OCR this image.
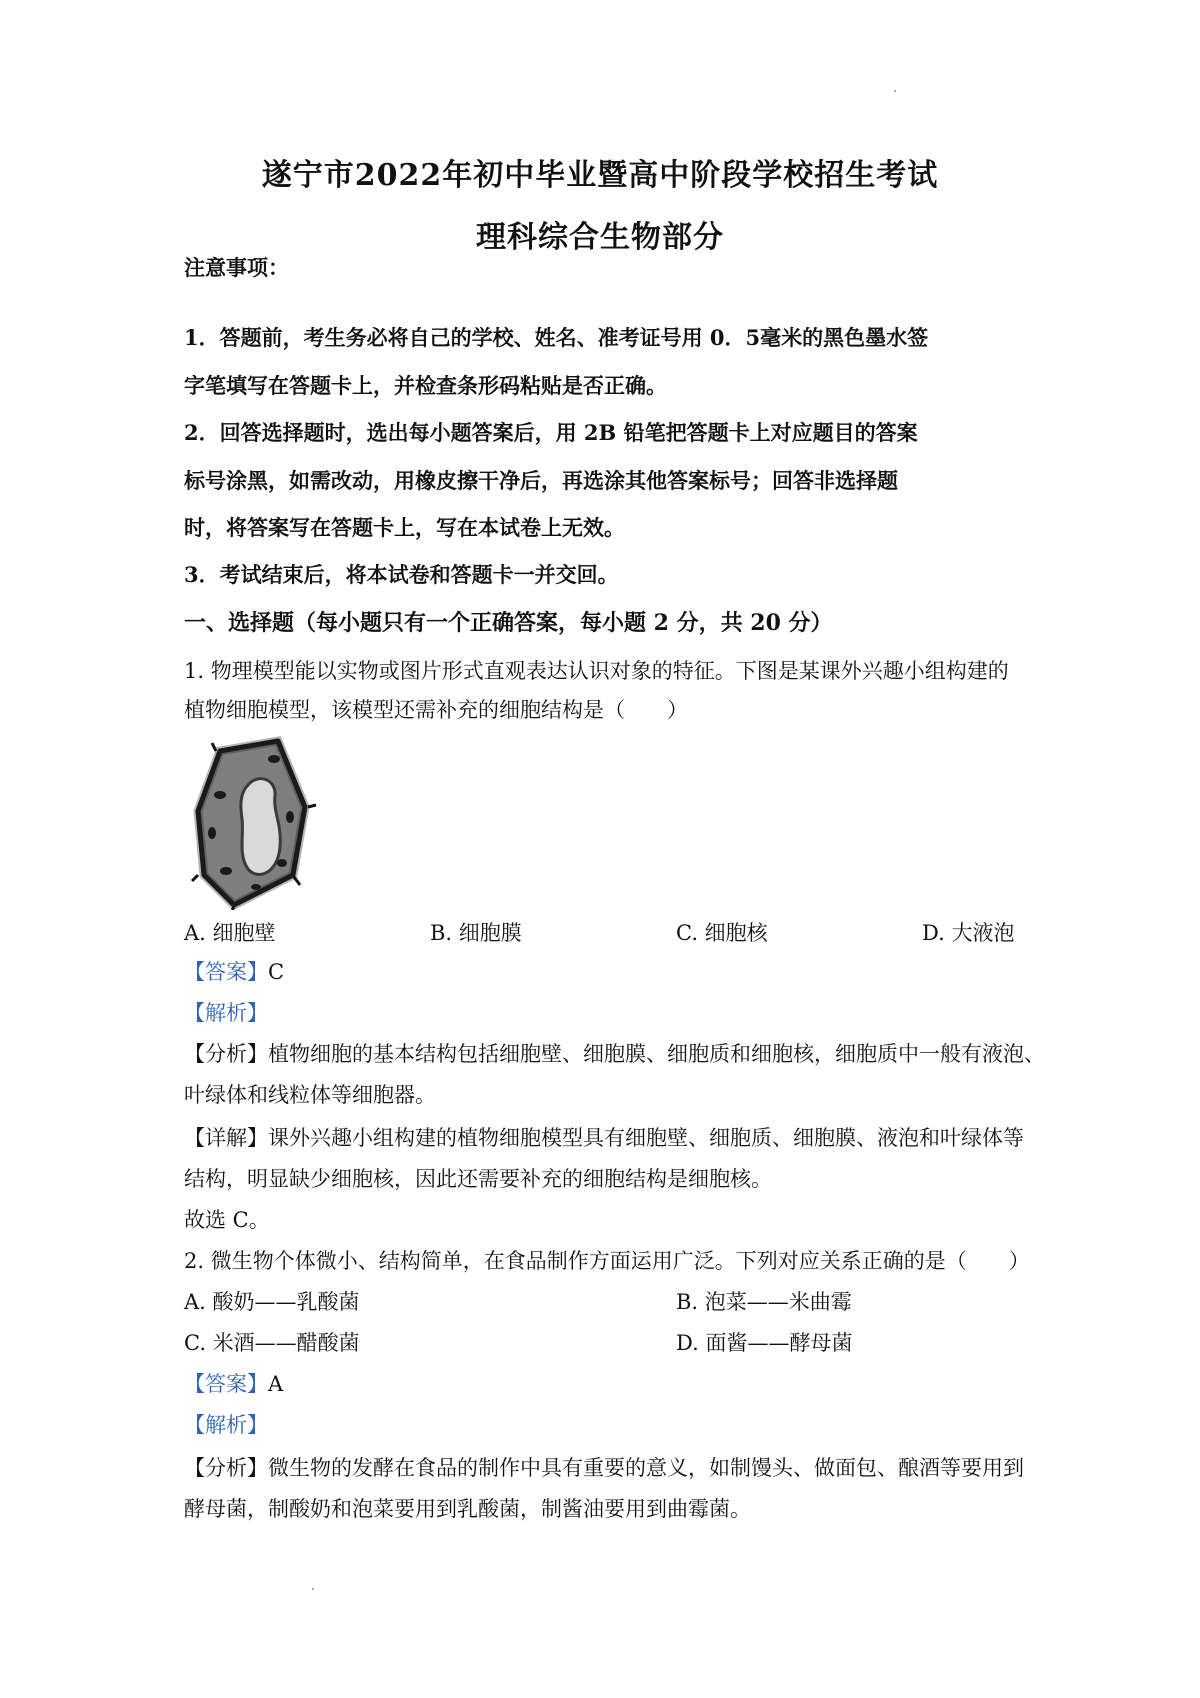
遂宁市2022年初中毕业暨高中阶段学校招生考试
理科综合生物部分
注意事项：
1．答题前，考生务必将自己的学校、姓名、准考证号用 0．5毫米的黑色墨水签
字笔填写在答题卡上，并检查条形码粘贴是否正确。
2．回答选择题时，选出每小题答案后，用 2B 铅笔把答题卡上对应题目的答案
标号涂黑，如需改动，用橡皮擦干净后，再选涂其他答案标号；回答非选择题
时，将答案写在答题卡上，写在本试卷上无效。
3．考试结束后，将本试卷和答题卡一并交回。
一、选择题（每小题只有一个正确答案，每小题 2 分，共 20 分）
1. 物理模型能以实物或图片形式直观表达认识对象的特征。下图是某课外兴趣小组构建的
植物细胞模型，该模型还需补充的细胞结构是（　　）
A. 细胞壁	B. 细胞膜	C. 细胞核	D. 大液泡
【答案】C
【解析】
【分析】植物细胞的基本结构包括细胞壁、细胞膜、细胞质和细胞核，细胞质中一般有液泡、
叶绿体和线粒体等细胞器。
【详解】课外兴趣小组构建的植物细胞模型具有细胞壁、细胞质、细胞膜、液泡和叶绿体等
结构，明显缺少细胞核，因此还需要补充的细胞结构是细胞核。
故选 C。
2. 微生物个体微小、结构简单，在食品制作方面运用广泛。下列对应关系正确的是（　　）
A. 酸奶——乳酸菌	B. 泡菜——米曲霉
C. 米酒——醋酸菌	D. 面酱——酵母菌
【答案】A
【解析】
【分析】微生物的发酵在食品的制作中具有重要的意义，如制馒头、做面包、酿酒等要用到
酵母菌，制酸奶和泡菜要用到乳酸菌，制酱油要用到曲霉菌。
